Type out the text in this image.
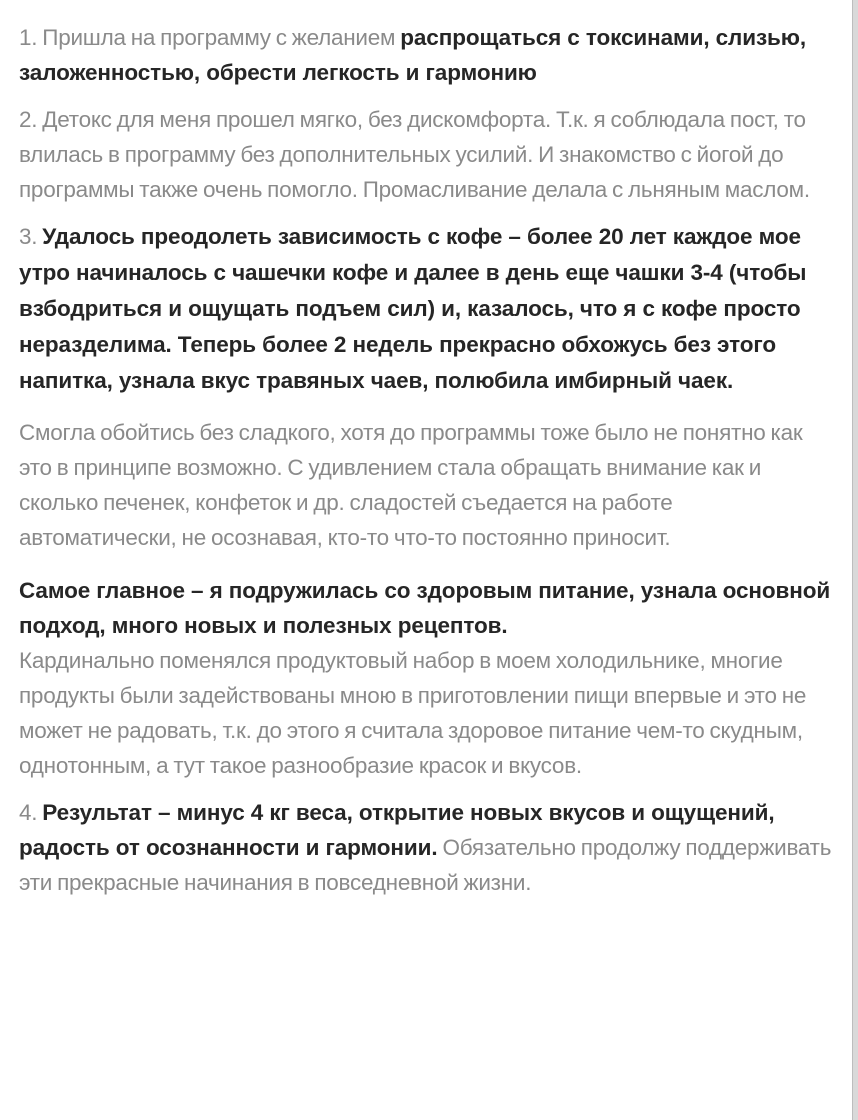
1. Пришла на программу с желанием распрощаться с токсинами, слизью, заложенностью, обрести легкость и гармонию

2. Детокс для меня прошел мягко, без дискомфорта. Т.к. я соблюдала пост, то влилась в программу без дополнительных усилий. И знакомство с йогой до программы также очень помогло. Промасливание делала с льняным маслом.

3. Удалось преодолеть зависимость с кофе – более 20 лет каждое мое утро начиналось с чашечки кофе и далее в день еще чашки 3-4 (чтобы взбодриться и ощущать подъем сил) и, казалось, что я с кофе просто неразделима. Теперь более 2 недель прекрасно обхожусь без этого напитка, узнала вкус травяных чаев, полюбила имбирный чаек.

Смогла обойтись без сладкого, хотя до программы тоже было не понятно как это в принципе возможно. С удивлением стала обращать внимание как и сколько печенек, конфеток и др. сладостей съедается на работе автоматически, не осознавая, кто-то что-то постоянно приносит.

Самое главное – я подружилась со здоровым питание, узнала основной подход, много новых и полезных рецептов.
Кардинально поменялся продуктовый набор в моем холодильнике, многие продукты были задействованы мною в приготовлении пищи впервые и это не может не радовать, т.к. до этого я считала здоровое питание чем-то скудным, однотонным, а тут такое разнообразие красок и вкусов.

4. Результат – минус 4 кг веса, открытие новых вкусов и ощущений, радость от осознанности и гармонии. Обязательно продолжу поддерживать эти прекрасные начинания в повседневной жизни.
